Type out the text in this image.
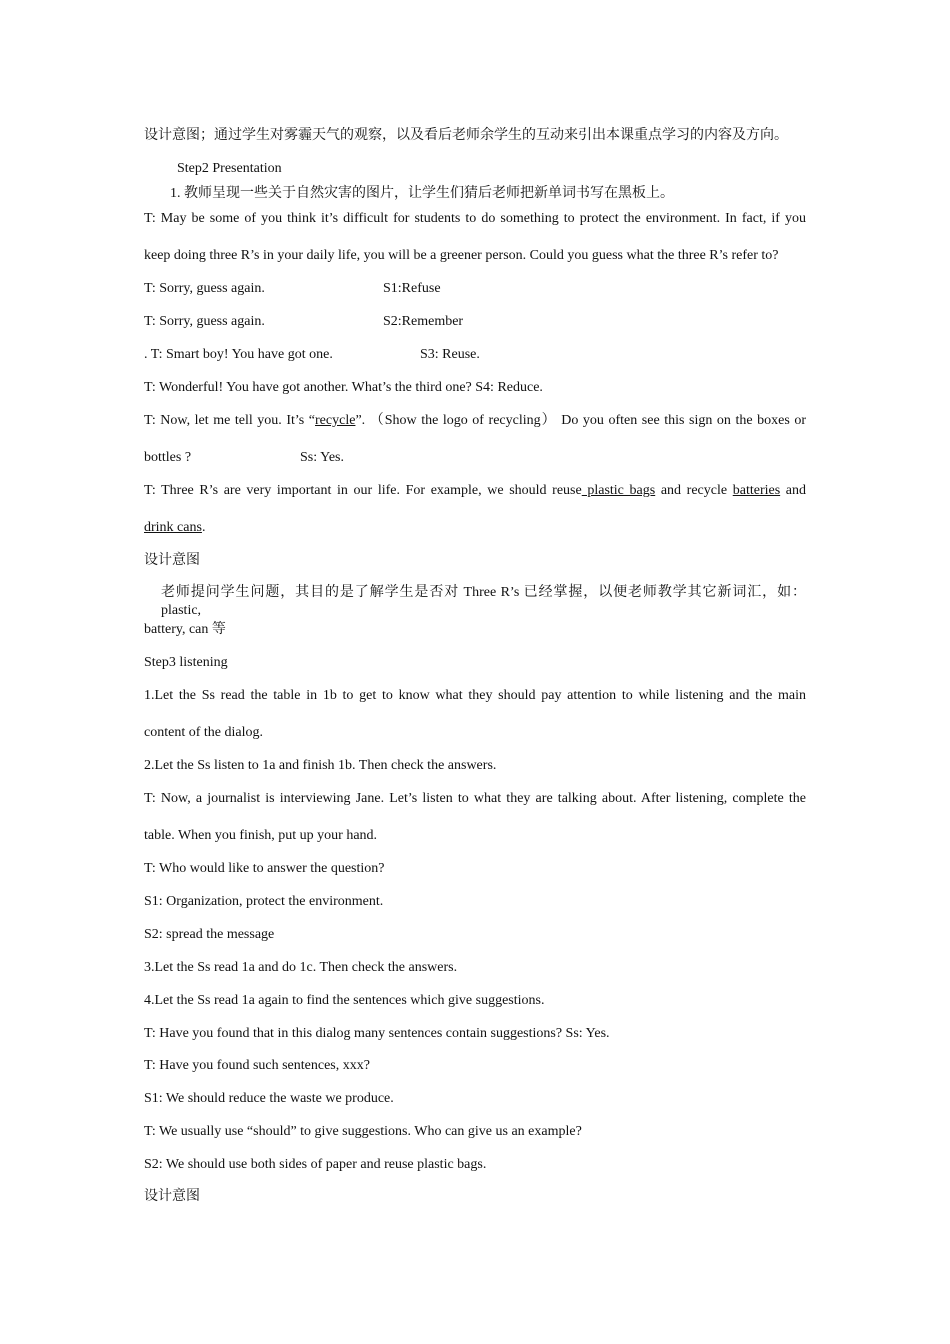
设计意图；通过学生对雾霾天气的观察，以及看后老师余学生的互动来引出本课重点学习的内容及方向。
Step2 Presentation
1. 教师呈现一些关于自然灾害的图片，让学生们猜后老师把新单词书写在黑板上。
T: May be some of you think it’s difficult for students to do something to protect the environment. In fact, if you
keep doing three R’s in your daily life, you will be a greener person. Could you guess what the three R’s refer to?
T: Sorry, guess again.	S1:Refuse
T: Sorry, guess again.	S2:Remember
. T: Smart boy! You have got one.	S3: Reuse.
T: Wonderful! You have got another. What’s the third one? S4: Reduce.
T: Now, let me tell you. It’s “recycle”. （Show the logo of recycling） Do you often see this sign on the boxes or
bottles ?	Ss: Yes.
T: Three R’s are very important in our life. For example, we should reuse plastic bags and recycle batteries and
drink cans.
设计意图
老师提问学生问题，其目的是了解学生是否对 Three R’s 已经掌握，以便老师教学其它新词汇，如：plastic,
battery, can 等
Step3 listening
1.Let the Ss read the table in 1b to get to know what they should pay attention to while listening and the main
content of the dialog.
2.Let the Ss listen to 1a and finish 1b. Then check the answers.
T: Now, a journalist is interviewing Jane. Let’s listen to what they are talking about. After listening, complete the
table. When you finish, put up your hand.
T: Who would like to answer the question?
S1: Organization, protect the environment.
S2: spread the message
3.Let the Ss read 1a and do 1c. Then check the answers.
4.Let the Ss read 1a again to find the sentences which give suggestions.
T: Have you found that in this dialog many sentences contain suggestions? Ss: Yes.
T: Have you found such sentences, xxx?
S1: We should reduce the waste we produce.
T: We usually use “should” to give suggestions. Who can give us an example?
S2: We should use both sides of paper and reuse plastic bags.
设计意图
